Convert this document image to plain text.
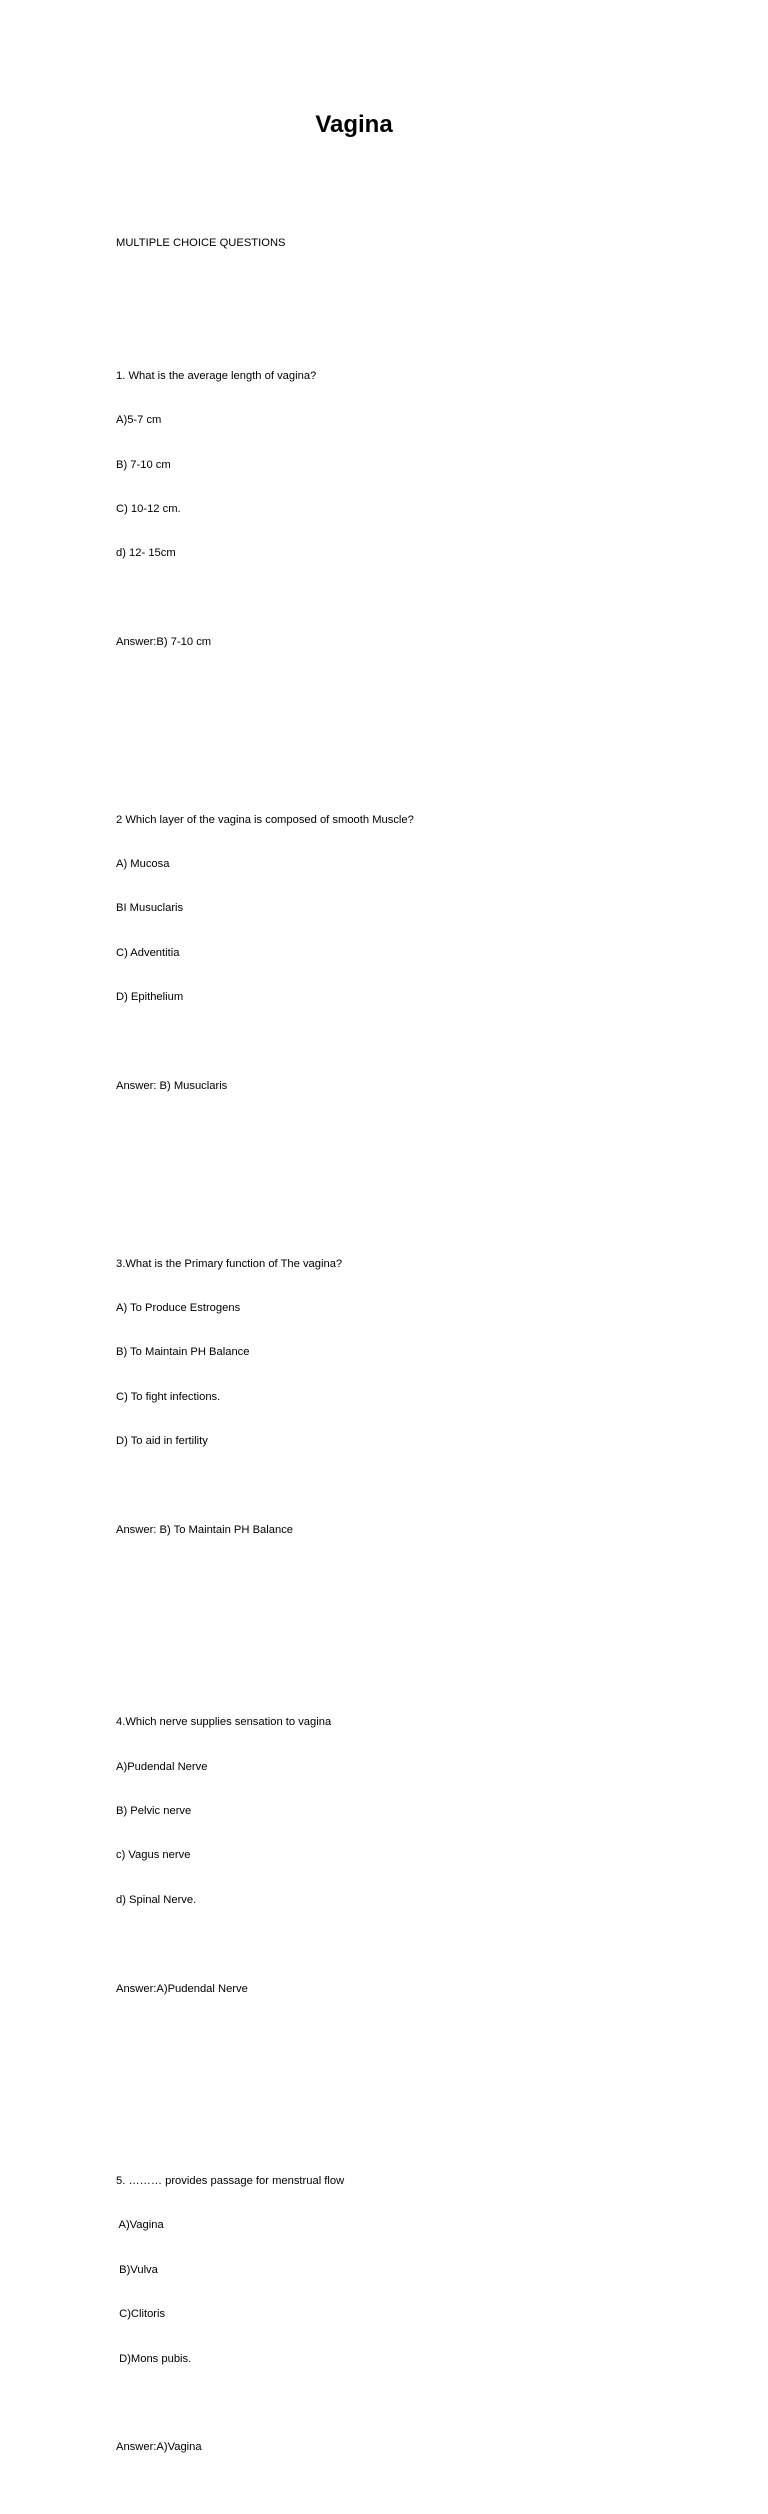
Vagina

MULTIPLE CHOICE QUESTIONS

1. What is the average length of vagina?

A)5-7 cm

B) 7-10 cm

C) 10-12 cm.

d) 12- 15cm

Answer:B) 7-10 cm

2 Which layer of the vagina is composed of smooth Muscle?

A) Mucosa

BI Musuclaris

C) Adventitia

D) Epithelium

Answer: B) Musuclaris

3.What is the Primary function of The vagina?

A) To Produce Estrogens

B) To Maintain PH Balance

C) To fight infections.

D) To aid in fertility

Answer: B) To Maintain PH Balance

4.Which nerve supplies sensation to vagina

A)Pudendal Nerve

B) Pelvic nerve

c) Vagus nerve

d) Spinal Nerve.

Answer:A)Pudendal Nerve

5. ……… provides passage for menstrual flow

A)Vagina

B)Vulva

C)Clitoris

D)Mons pubis.

Answer:A)Vagina
